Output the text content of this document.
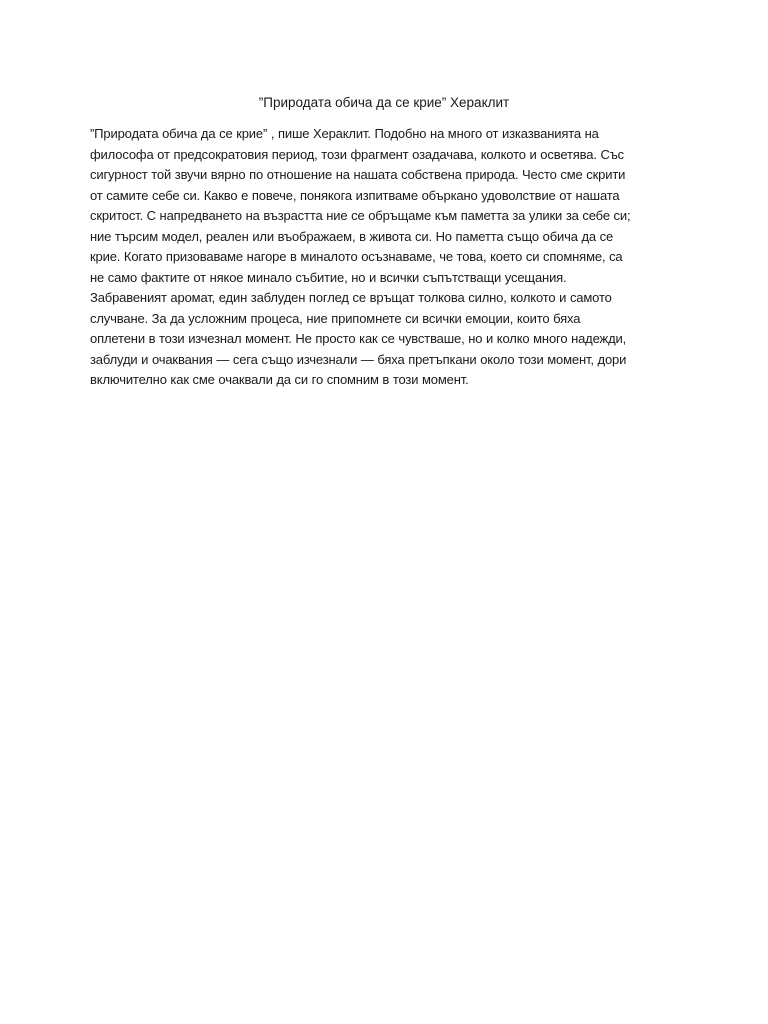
”Природата обича да се крие” Хераклит

”Природата обича да се крие” , пише Хераклит. Подобно на много от изказванията на
философа от предсократовия период, този фрагмент озадачава, колкото и осветява. Със
сигурност той звучи вярно по отношение на нашата собствена природа. Често сме скрити
от самите себе си. Какво е повече, понякога изпитваме объркано удоволствие от нашата
скритост. С напредването на възрастта ние се обръщаме към паметта за улики за себе си;
ние търсим модел, реален или въображаем, в живота си. Но паметта също обича да се
крие. Когато призоваваме нагоре в миналото осъзнаваме, че това, което си спомняме, са
не само фактите от някое минало събитие, но и всички съпътстващи усещания.
Забравеният аромат, един заблуден поглед се връщат толкова силно, колкото и самото
случване. За да усложним процеса, ние припомнете си всички емоции, които бяха
оплетени в този изчезнал момент. Не просто как се чувстваше, но и колко много надежди,
заблуди и очаквания — сега също изчезнали — бяха претъпкани около този момент, дори
включително как сме очаквали да си го спомним в този момент.
